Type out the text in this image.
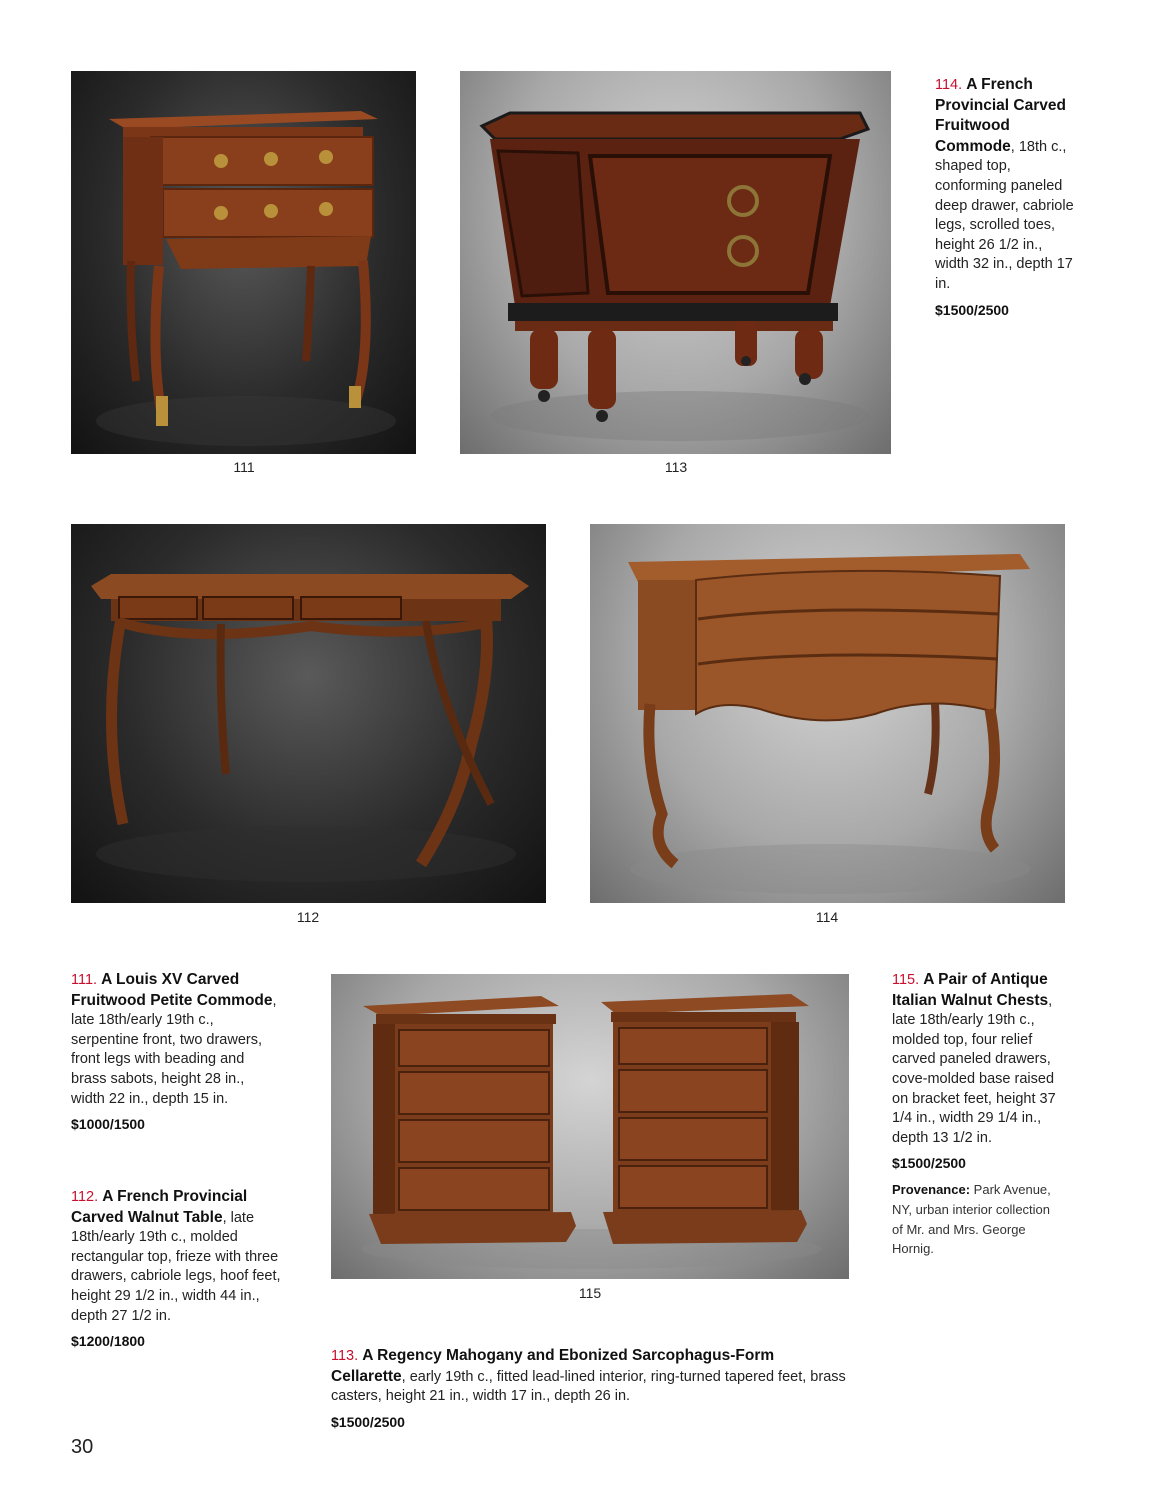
111	113
114. A French Provincial Carved Fruitwood Commode, 18th c., shaped top, conforming paneled deep drawer, cabriole legs, scrolled toes, height 26 1/2 in., width 32 in., depth 17 in.
$1500/2500
112	114
111. A Louis XV Carved Fruitwood Petite Commode, late 18th/early 19th c., serpentine front, two drawers, front legs with beading and brass sabots, height 28 in., width 22 in., depth 15 in.
$1000/1500
112. A French Provincial Carved Walnut Table, late 18th/early 19th c., molded rectangular top, frieze with three drawers, cabriole legs, hoof feet, height 29 1/2 in., width 44 in., depth 27 1/2 in.
$1200/1800
115
115. A Pair of Antique Italian Walnut Chests, late 18th/early 19th c., molded top, four relief carved paneled drawers, cove-molded base raised on bracket feet, height 37 1/4 in., width 29 1/4 in., depth 13 1/2 in.
$1500/2500
Provenance: Park Avenue, NY, urban interior collection of Mr. and Mrs. George Hornig.
113. A Regency Mahogany and Ebonized Sarcophagus-Form Cellarette, early 19th c., fitted lead-lined interior, ring-turned tapered feet, brass casters, height 21 in., width 17 in., depth 26 in.
$1500/2500
30
